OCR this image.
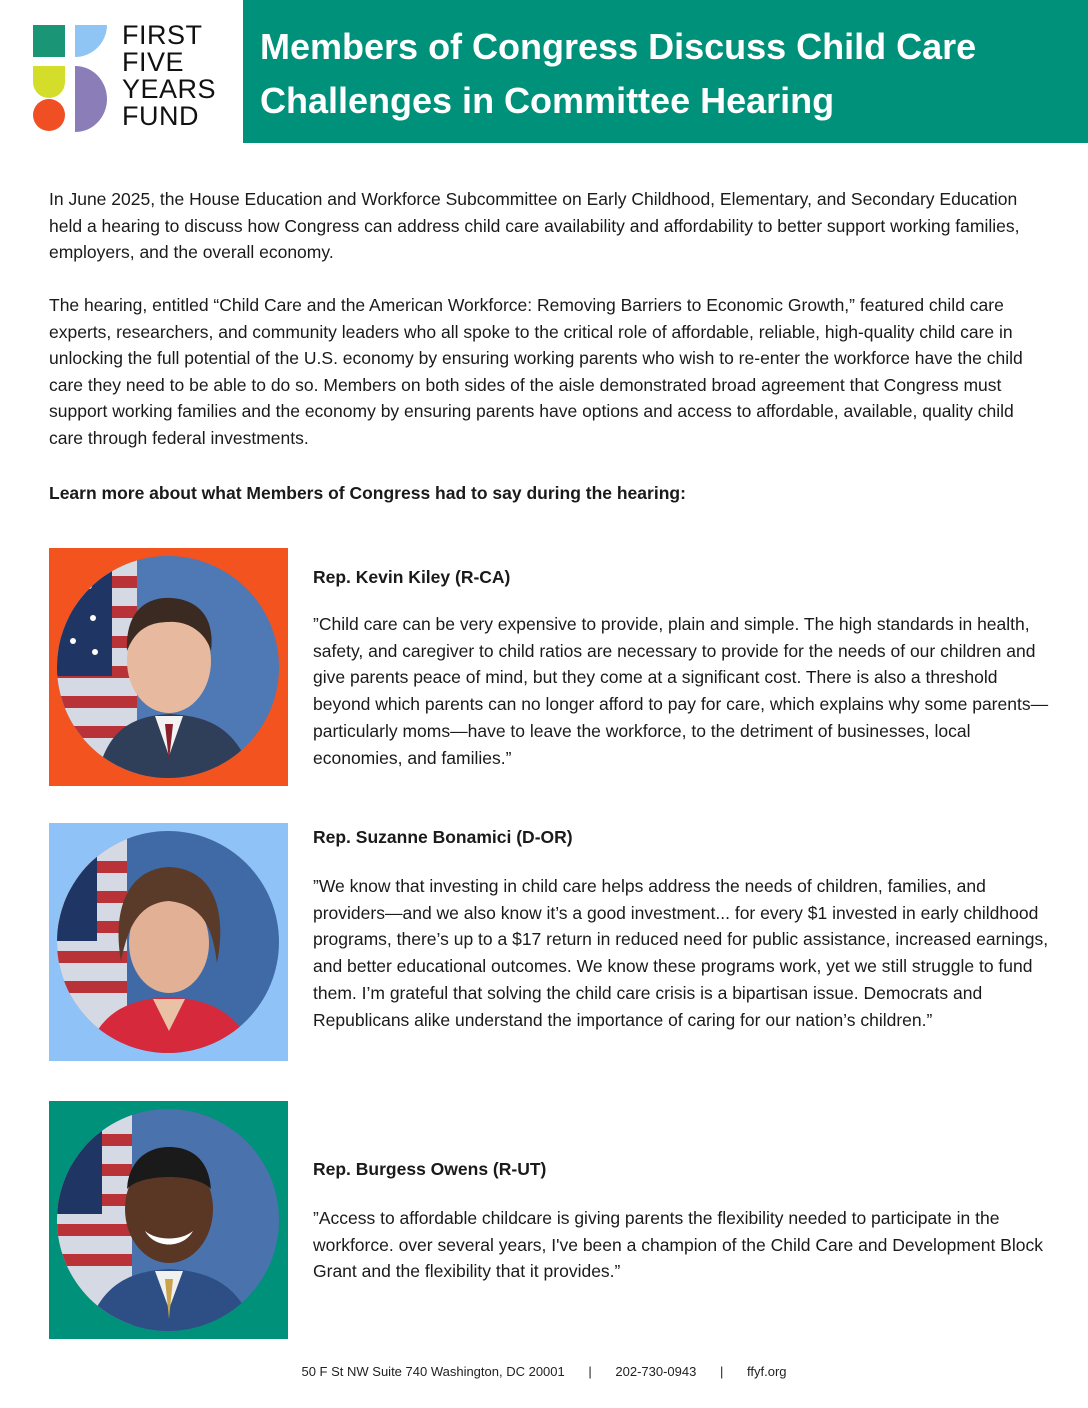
FIRST
FIVE
YEARS
FUND
Members of Congress Discuss Child Care Challenges in Committee Hearing
In June 2025, the House Education and Workforce Subcommittee on Early Childhood, Elementary, and Secondary Education held a hearing to discuss how Congress can address child care availability and affordability to better support working families, employers, and the overall economy.
The hearing, entitled “Child Care and the American Workforce: Removing Barriers to Economic Growth,” featured child care experts, researchers, and community leaders who all spoke to the critical role of affordable, reliable, high-quality child care in unlocking the full potential of the U.S. economy by ensuring working parents who wish to re-enter the workforce have the child care they need to be able to do so. Members on both sides of the aisle demonstrated broad agreement that Congress must support working families and the economy by ensuring parents have options and access to affordable, available, quality child care through federal investments.
Learn more about what Members of Congress had to say during the hearing:
Rep. Kevin Kiley (R-CA)
”Child care can be very expensive to provide, plain and simple. The high standards in health, safety, and caregiver to child ratios are necessary to provide for the needs of our children and give parents peace of mind, but they come at a significant cost. There is also a threshold beyond which parents can no longer afford to pay for care, which explains why some parents—particularly moms—have to leave the workforce, to the detriment of businesses, local economies, and families.”
Rep. Suzanne Bonamici (D-OR)
”We know that investing in child care helps address the needs of children, families, and providers—and we also know it’s a good investment... for every $1 invested in early childhood programs, there’s up to a $17 return in reduced need for public assistance, increased earnings, and better educational outcomes. We know these programs work, yet we still struggle to fund them. I’m grateful that solving the child care crisis is a bipartisan issue. Democrats and Republicans alike understand the importance of caring for our nation’s children.”
Rep. Burgess Owens (R-UT)
”Access to affordable childcare is giving parents the flexibility needed to participate in the workforce. over several years, I've been a champion of the Child Care and Development Block Grant and the flexibility that it provides.”
50 F St NW Suite 740 Washington, DC 20001 | 202-730-0943 | ffyf.org
